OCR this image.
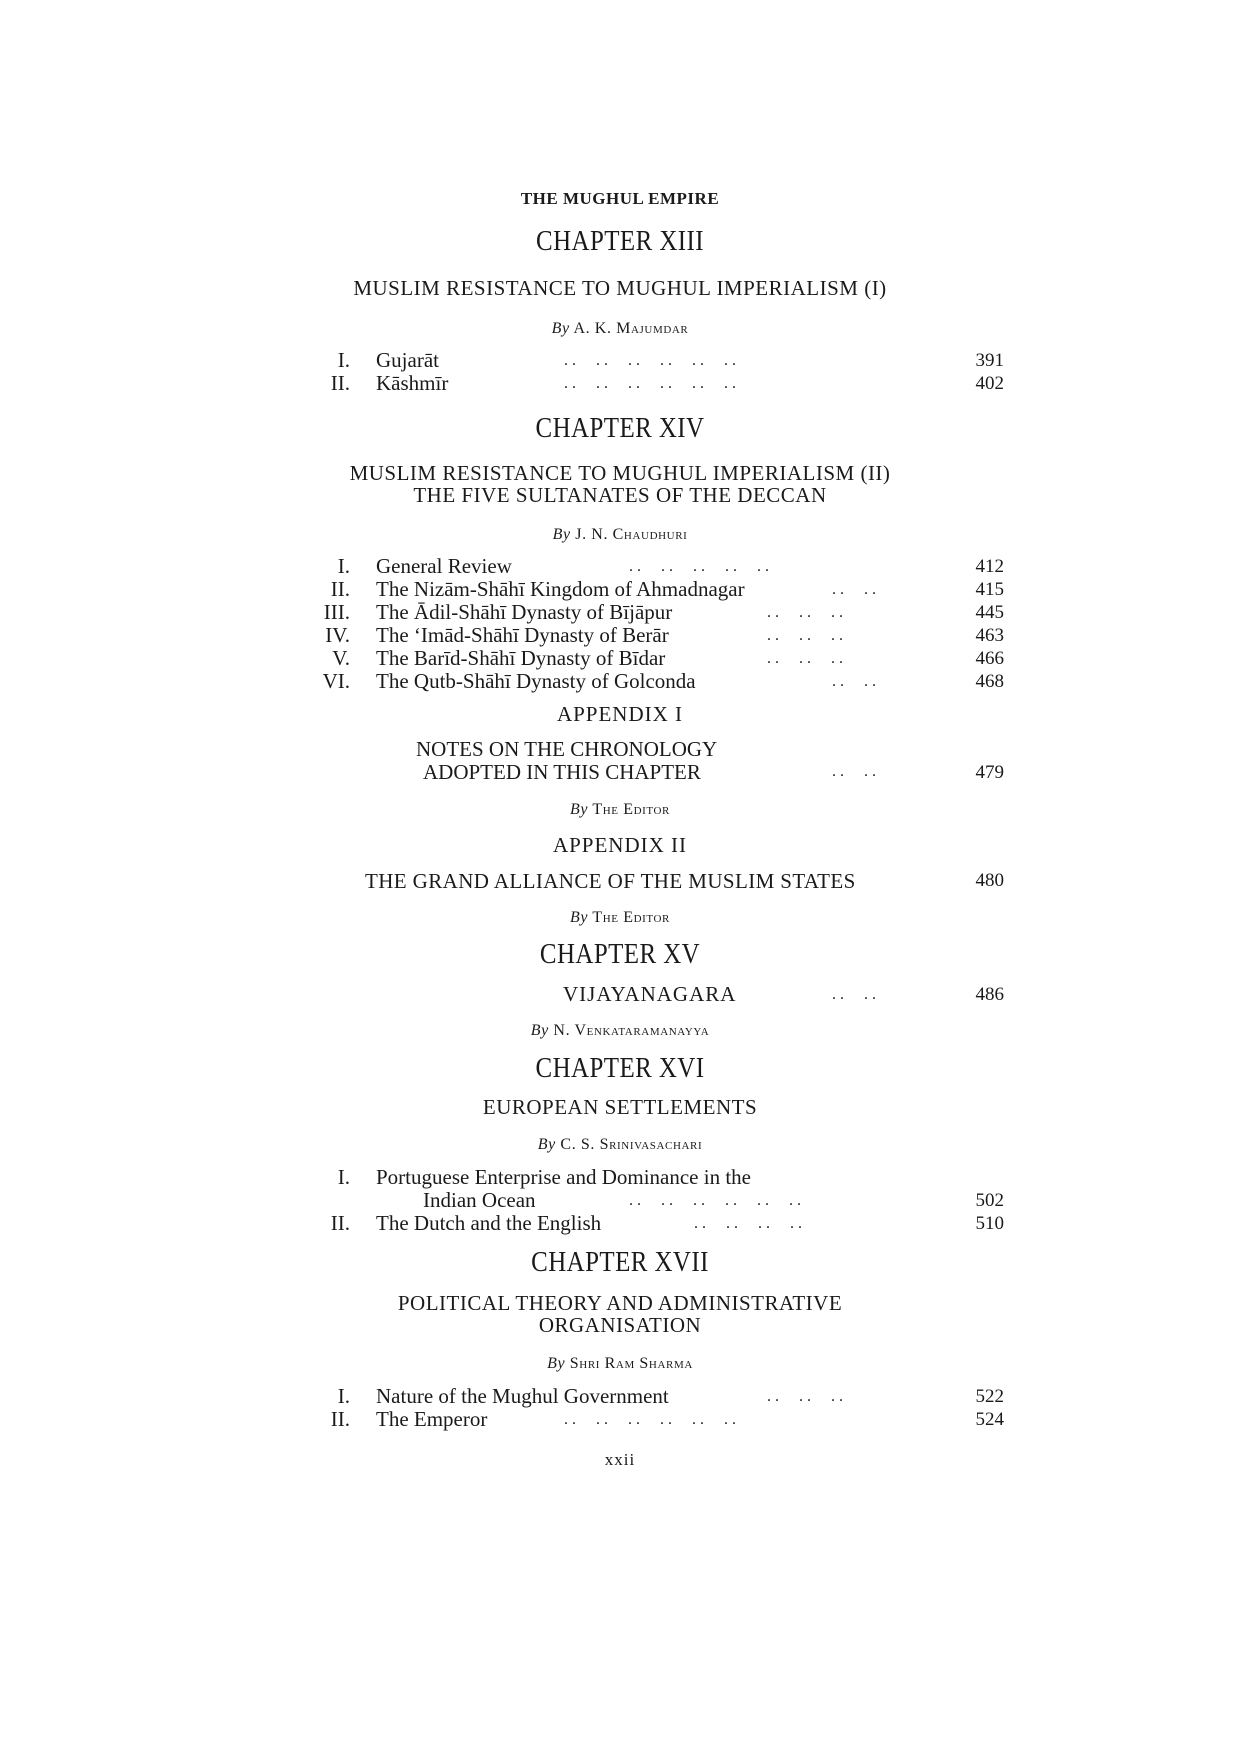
THE MUGHUL EMPIRE
CHAPTER XIII
MUSLIM RESISTANCE TO MUGHUL IMPERIALISM (I)
By A. K. Majumdar
I. Gujarāt	. .     . .     . .     . .     . .     . .	391
II. Kāshmīr	. .     . .     . .     . .     . .     . .	402
CHAPTER XIV
MUSLIM RESISTANCE TO MUGHUL IMPERIALISM (II)
THE FIVE SULTANATES OF THE DECCAN
By J. N. Chaudhuri
I. General Review	. .     . .     . .     . .     . .	412
II. The Nizām-Shāhī Kingdom of Ahmadnagar	. .     . .	415
III. The Ādil-Shāhī Dynasty of Bījāpur	. .     . .     . .	445
IV. The ‘Imād-Shāhī Dynasty of Berār	. .     . .     . .	463
V. The Barīd-Shāhī Dynasty of Bīdar	. .     . .     . .	466
VI. The Qutb-Shāhī Dynasty of Golconda	. .     . .	468
APPENDIX I
NOTES ON THE CHRONOLOGY
ADOPTED IN THIS CHAPTER	. .     . .	479
By The Editor
APPENDIX II
THE GRAND ALLIANCE OF THE MUSLIM STATES	480
By The Editor
CHAPTER XV
VIJAYANAGARA	. .     . .	486
By N. Venkataramanayya
CHAPTER XVI
EUROPEAN SETTLEMENTS
By C. S. Srinivasachari
I. Portuguese Enterprise and Dominance in the
Indian Ocean	. .     . .     . .     . .     . .     . .	502
II. The Dutch and the English	. .     . .     . .     . .	510
CHAPTER XVII
POLITICAL THEORY AND ADMINISTRATIVE
ORGANISATION
By Shri Ram Sharma
I. Nature of the Mughul Government	. .     . .     . .	522
II. The Emperor	. .     . .     . .     . .     . .     . .	524
xxii
